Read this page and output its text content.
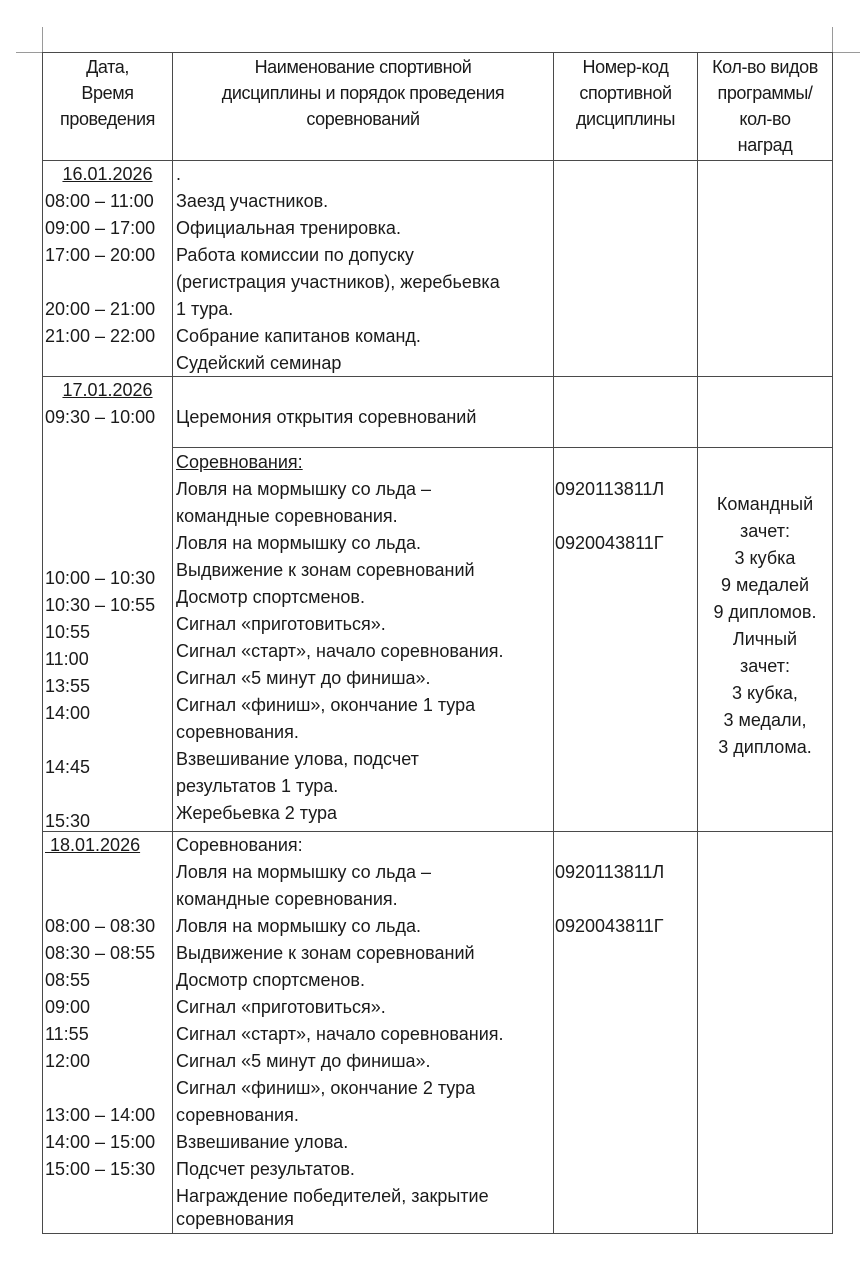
Дата,
Время
проведения
Наименование спортивной
дисциплины и порядок проведения
соревнований
Номер-код
спортивной
дисциплины
Кол-во видов
программы/
кол-во
наград
16.01.2026
08:00 – 11:00
09:00 – 17:00
17:00 – 20:00
20:00 – 21:00
21:00 – 22:00
.
Заезд участников.
Официальная тренировка.
Работа комиссии по допуску
(регистрация участников), жеребьевка
1 тура.
Собрание капитанов команд.
Судейский семинар
17.01.2026
09:30 – 10:00	Церемония открытия соревнований
10:00 – 10:30
10:30 – 10:55
10:55
11:00
13:55
14:00
14:45
15:30
Соревнования:
Ловля на мормышку со льда –
командные соревнования.
Ловля на мормышку со льда.
Выдвижение к зонам соревнований
Досмотр спортсменов.
Сигнал «приготовиться».
Сигнал «старт», начало соревнования.
Сигнал «5 минут до финиша».
Сигнал «финиш», окончание 1 тура
соревнования.
Взвешивание улова, подсчет
результатов 1 тура.
Жеребьевка 2 тура
0920113811Л
0920043811Г
Командный
зачет:
3 кубка
9 медалей
9 дипломов.
Личный
зачет:
3 кубка,
3 медали,
3 диплома.
18.01.2026
08:00 – 08:30
08:30 – 08:55
08:55
09:00
11:55
12:00
13:00 – 14:00
14:00 – 15:00
15:00 – 15:30
Соревнования:
Ловля на мормышку со льда –
командные соревнования.
Ловля на мормышку со льда.
Выдвижение к зонам соревнований
Досмотр спортсменов.
Сигнал «приготовиться».
Сигнал «старт», начало соревнования.
Сигнал «5 минут до финиша».
Сигнал «финиш», окончание 2 тура
соревнования.
Взвешивание улова.
Подсчет результатов.
Награждение победителей, закрытие
соревнования
0920113811Л
0920043811Г
